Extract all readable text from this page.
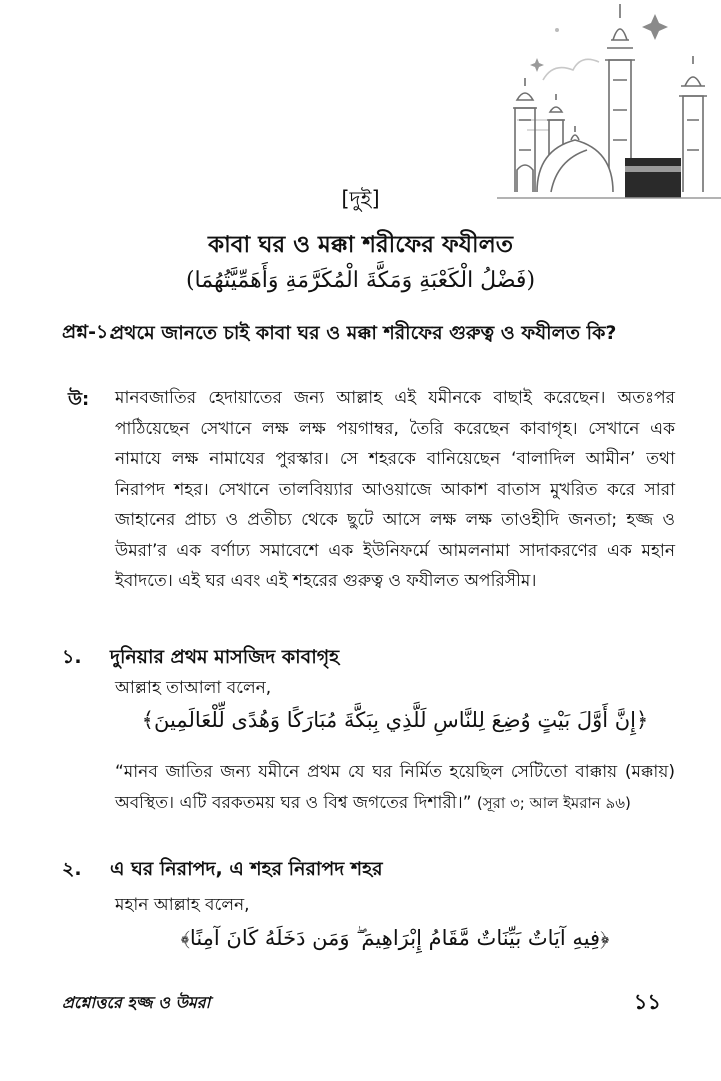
[দুই]
কাবা ঘর ও মক্কা শরীফের ফযীলত
(فَضْلُ الْكَعْبَةِ وَمَكَّةَ الْمُكَرَّمَةِ وَأَهَمِّيَّتُهُمَا)
প্রশ্ন-১.
প্রথমে জানতে চাই কাবা ঘর ও মক্কা শরীফের গুরুত্ব ও ফযীলত কি?
উ: মানবজাতির হেদায়াতের জন্য আল্লাহ এই যমীনকে বাছাই করেছেন। অতঃপর পাঠিয়েছেন সেখানে লক্ষ লক্ষ পয়গাম্বর, তৈরি করেছেন কাবাগৃহ। সেখানে এক নামাযে লক্ষ নামাযের পুরস্কার। সে শহরকে বানিয়েছেন ‘বালাদিল আমীন’ তথা নিরাপদ শহর। সেখানে তালবিয়্যার আওয়াজে আকাশ বাতাস মুখরিত করে সারা জাহানের প্রাচ্য ও প্রতীচ্য থেকে ছুটে আসে লক্ষ লক্ষ তাওহীদি জনতা; হজ্জ ও উমরা’র এক বর্ণাঢ্য সমাবেশে এক ইউনিফর্মে আমলনামা সাদাকরণের এক মহান ইবাদতে। এই ঘর এবং এই শহরের গুরুত্ব ও ফযীলত অপরিসীম।
১. দুনিয়ার প্রথম মাসজিদ কাবাগৃহ
আল্লাহ তাআলা বলেন,
﴿إِنَّ أَوَّلَ بَيْتٍ وُضِعَ لِلنَّاسِ لَلَّذِي بِبَكَّةَ مُبَارَكًا وَهُدًى لِّلْعَالَمِينَ﴾
“মানব জাতির জন্য যমীনে প্রথম যে ঘর নির্মিত হয়েছিল সেটিতো বাক্কায় (মক্কায়) অবস্থিত। এটি বরকতময় ঘর ও বিশ্ব জগতের দিশারী।” (সূরা ৩; আল ইমরান ৯৬)
২. এ ঘর নিরাপদ, এ শহর নিরাপদ শহর
মহান আল্লাহ বলেন,
﴿فِيهِ آيَاتٌ بَيِّنَاتٌ مَّقَامُ إِبْرَاهِيمَ ۖ وَمَن دَخَلَهُ كَانَ آمِنًا﴾
প্রশ্নোত্তরে হজ্জ ও উমরা	১১
